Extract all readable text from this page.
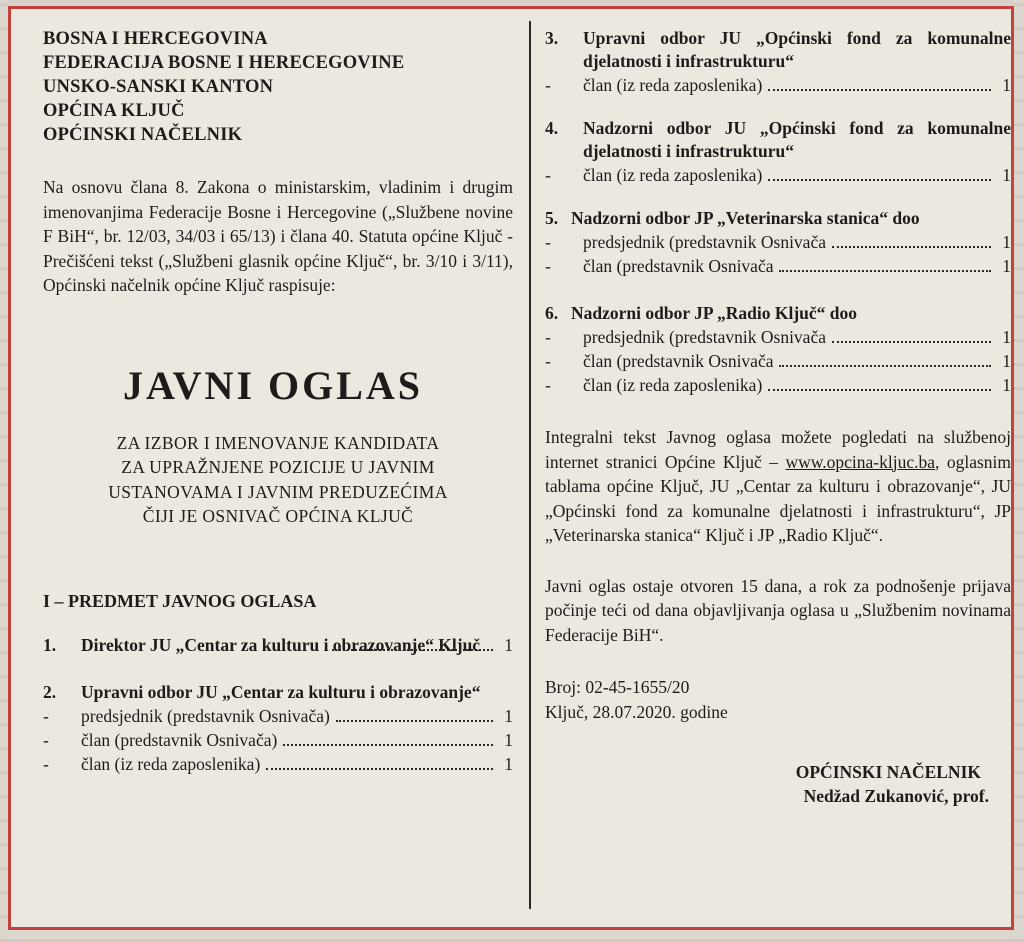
BOSNA I HERCEGOVINA
FEDERACIJA BOSNE I HERECEGOVINE
UNSKO-SANSKI KANTON
OPĆINA KLJUČ
OPĆINSKI NAČELNIK
Na osnovu člana 8. Zakona o ministarskim, vladinim i drugim imenovanjima Federacije Bosne i Hercegovine („Službene novine F BiH“, br. 12/03, 34/03 i 65/13) i člana 40. Statuta općine Ključ - Prečišćeni tekst („Službeni glasnik općine Ključ“, br. 3/10 i 3/11), Općinski načelnik općine Ključ raspisuje:
JAVNI OGLAS
ZA IZBOR I IMENOVANJE KANDIDATA
ZA UPRAŽNJENE POZICIJE U JAVNIM
USTANOVAMA I JAVNIM PREDUZEĆIMA
ČIJI JE OSNIVAČ OPĆINA KLJUČ
I – PREDMET JAVNOG OGLASA
1.	Direktor JU „Centar za kulturu i obrazovanje“ Ključ	1
2.	Upravni odbor JU „Centar za kulturu i obrazovanje“
-	predsjednik (predstavnik Osnivača)	1
-	član (predstavnik Osnivača)	1
-	član (iz reda zaposlenika)	1
3.	Upravni odbor JU „Općinski fond za komunalne djelatnosti i infrastrukturu“
-	član (iz reda zaposlenika)	1
4.	Nadzorni odbor JU „Općinski fond za komunalne djelatnosti i infrastrukturu“
-	član (iz reda zaposlenika)	1
5. Nadzorni odbor JP „Veterinarska stanica“ doo
-	predsjednik (predstavnik Osnivača	1
-	član (predstavnik Osnivača	1
6. Nadzorni odbor JP „Radio Ključ“ doo
-	predsjednik (predstavnik Osnivača	1
-	član (predstavnik Osnivača	1
-	član (iz reda zaposlenika)	1
Integralni tekst Javnog oglasa možete pogledati na službenoj internet stranici Općine Ključ – www.opcina-kljuc.ba, oglasnim tablama općine Ključ, JU „Centar za kulturu i obrazovanje“, JU „Općinski fond za komunalne djelatnosti i infrastrukturu“, JP „Veterinarska stanica“ Ključ i JP „Radio Ključ“.
Javni oglas ostaje otvoren 15 dana, a rok za podnošenje prijava počinje teći od dana objavljivanja oglasa u „Službenim novinama Federacije BiH“.
Broj: 02-45-1655/20
Ključ, 28.07.2020. godine
OPĆINSKI NAČELNIK
Nedžad Zukanović, prof.
